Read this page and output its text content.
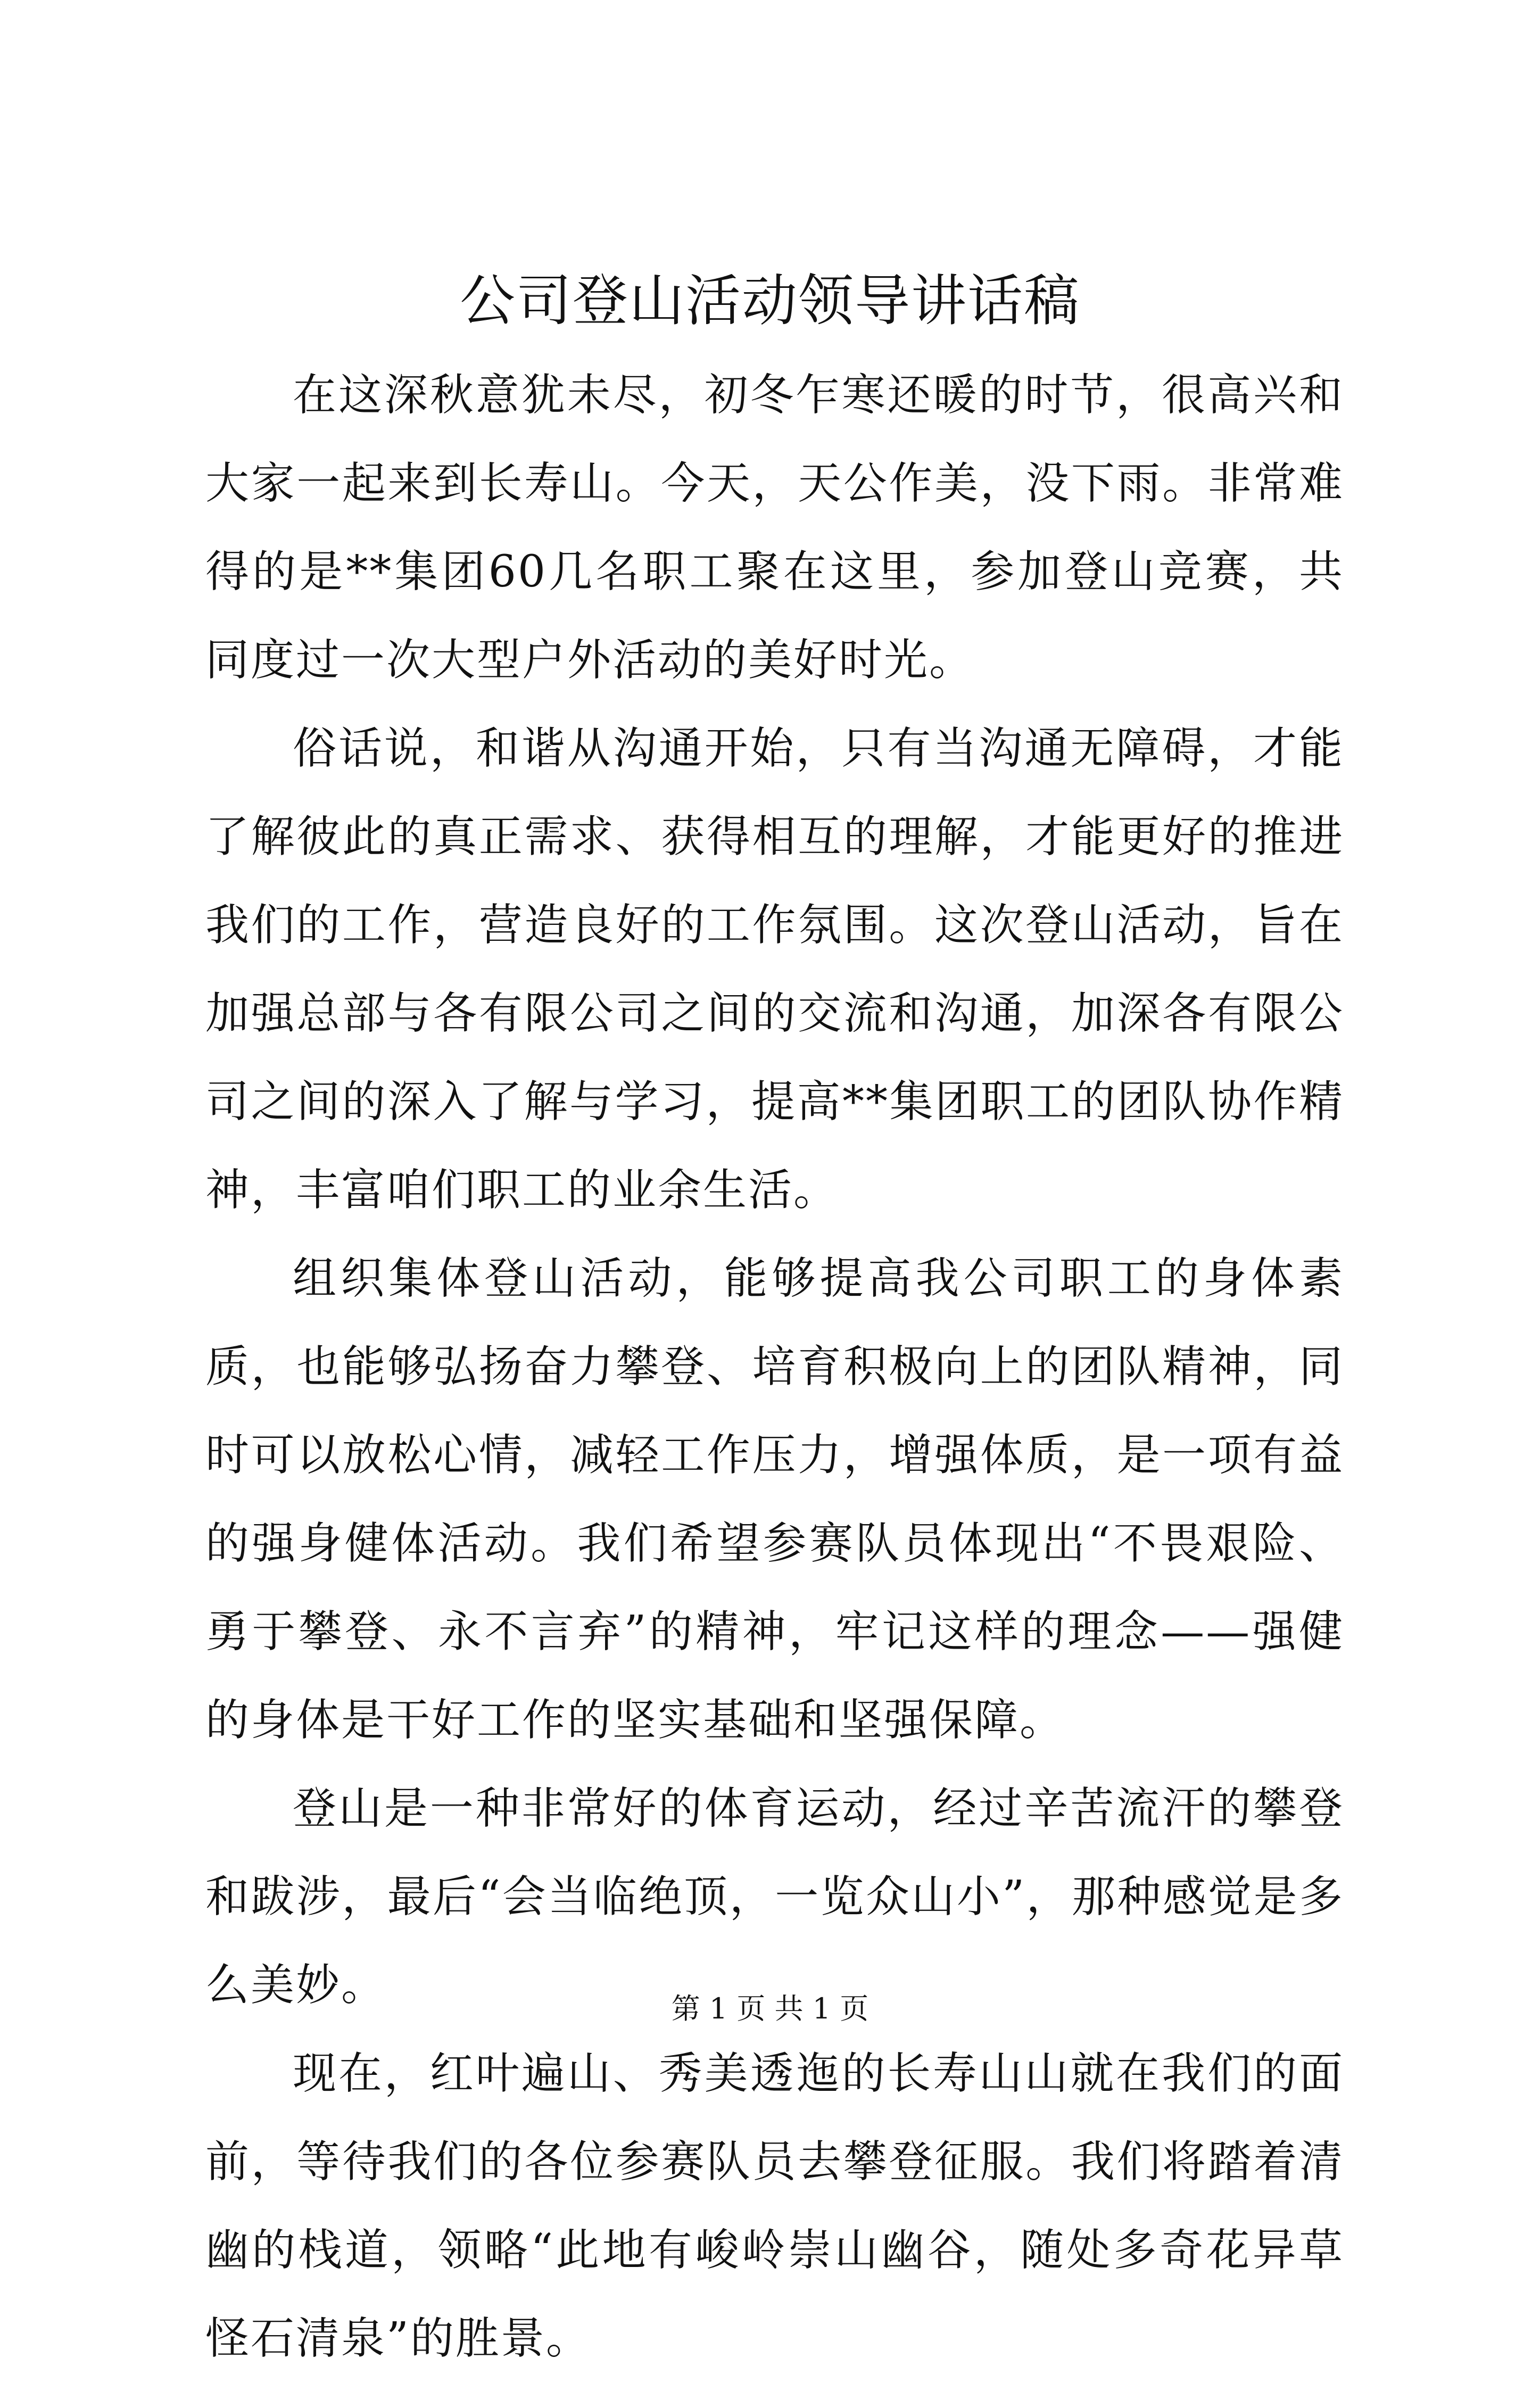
公司登山活动领导讲话稿

在这深秋意犹未尽，初冬乍寒还暖的时节，很高兴和大家一起来到长寿山。今天，天公作美，没下雨。非常难得的是**集团60几名职工聚在这里，参加登山竞赛，共同度过一次大型户外活动的美好时光。

俗话说，和谐从沟通开始，只有当沟通无障碍，才能了解彼此的真正需求、获得相互的理解，才能更好的推进我们的工作，营造良好的工作氛围。这次登山活动，旨在加强总部与各有限公司之间的交流和沟通，加深各有限公司之间的深入了解与学习，提高**集团职工的团队协作精神，丰富咱们职工的业余生活。

组织集体登山活动，能够提高我公司职工的身体素质，也能够弘扬奋力攀登、培育积极向上的团队精神，同时可以放松心情，减轻工作压力，增强体质，是一项有益的强身健体活动。我们希望参赛队员体现出“不畏艰险、勇于攀登、永不言弃”的精神，牢记这样的理念——强健的身体是干好工作的坚实基础和坚强保障。

登山是一种非常好的体育运动，经过辛苦流汗的攀登和跋涉，最后“会当临绝顶，一览众山小”，那种感觉是多么美妙。

现在，红叶遍山、秀美透迤的长寿山山就在我们的面前，等待我们的各位参赛队员去攀登征服。我们将踏着清幽的栈道，领略“此地有峻岭崇山幽谷，随处多奇花异草怪石清泉”的胜景。

第 1 页 共 1 页
